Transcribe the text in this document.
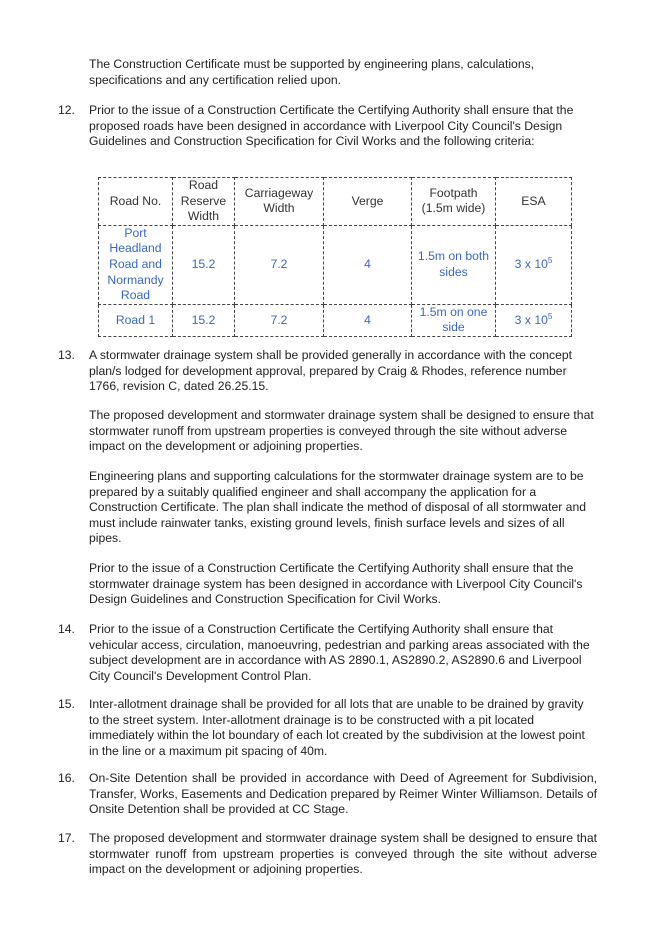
The Construction Certificate must be supported by engineering plans, calculations, specifications and any certification relied upon.

12. Prior to the issue of a Construction Certificate the Certifying Authority shall ensure that the proposed roads have been designed in accordance with Liverpool City Council's Design Guidelines and Construction Specification for Civil Works and the following criteria:

Road No.	Road Reserve Width	Carriageway Width	Verge	Footpath (1.5m wide)	ESA
Port Headland Road and Normandy Road	15.2	7.2	4	1.5m on both sides	3 x $10^5$
Road 1	15.2	7.2	4	1.5m on one side	3 x $10^5$

13. A stormwater drainage system shall be provided generally in accordance with the concept plan/s lodged for development approval, prepared by Craig & Rhodes, reference number 1766, revision C, dated 26.25.15.

The proposed development and stormwater drainage system shall be designed to ensure that stormwater runoff from upstream properties is conveyed through the site without adverse impact on the development or adjoining properties.

Engineering plans and supporting calculations for the stormwater drainage system are to be prepared by a suitably qualified engineer and shall accompany the application for a Construction Certificate. The plan shall indicate the method of disposal of all stormwater and must include rainwater tanks, existing ground levels, finish surface levels and sizes of all pipes.

Prior to the issue of a Construction Certificate the Certifying Authority shall ensure that the stormwater drainage system has been designed in accordance with Liverpool City Council's Design Guidelines and Construction Specification for Civil Works.

14. Prior to the issue of a Construction Certificate the Certifying Authority shall ensure that vehicular access, circulation, manoeuvring, pedestrian and parking areas associated with the subject development are in accordance with AS 2890.1, AS2890.2, AS2890.6 and Liverpool City Council's Development Control Plan.

15. Inter-allotment drainage shall be provided for all lots that are unable to be drained by gravity to the street system. Inter-allotment drainage is to be constructed with a pit located immediately within the lot boundary of each lot created by the subdivision at the lowest point in the line or a maximum pit spacing of 40m.

16. On-Site Detention shall be provided in accordance with Deed of Agreement for Subdivision, Transfer, Works, Easements and Dedication prepared by Reimer Winter Williamson. Details of Onsite Detention shall be provided at CC Stage.

17. The proposed development and stormwater drainage system shall be designed to ensure that stormwater runoff from upstream properties is conveyed through the site without adverse impact on the development or adjoining properties.
